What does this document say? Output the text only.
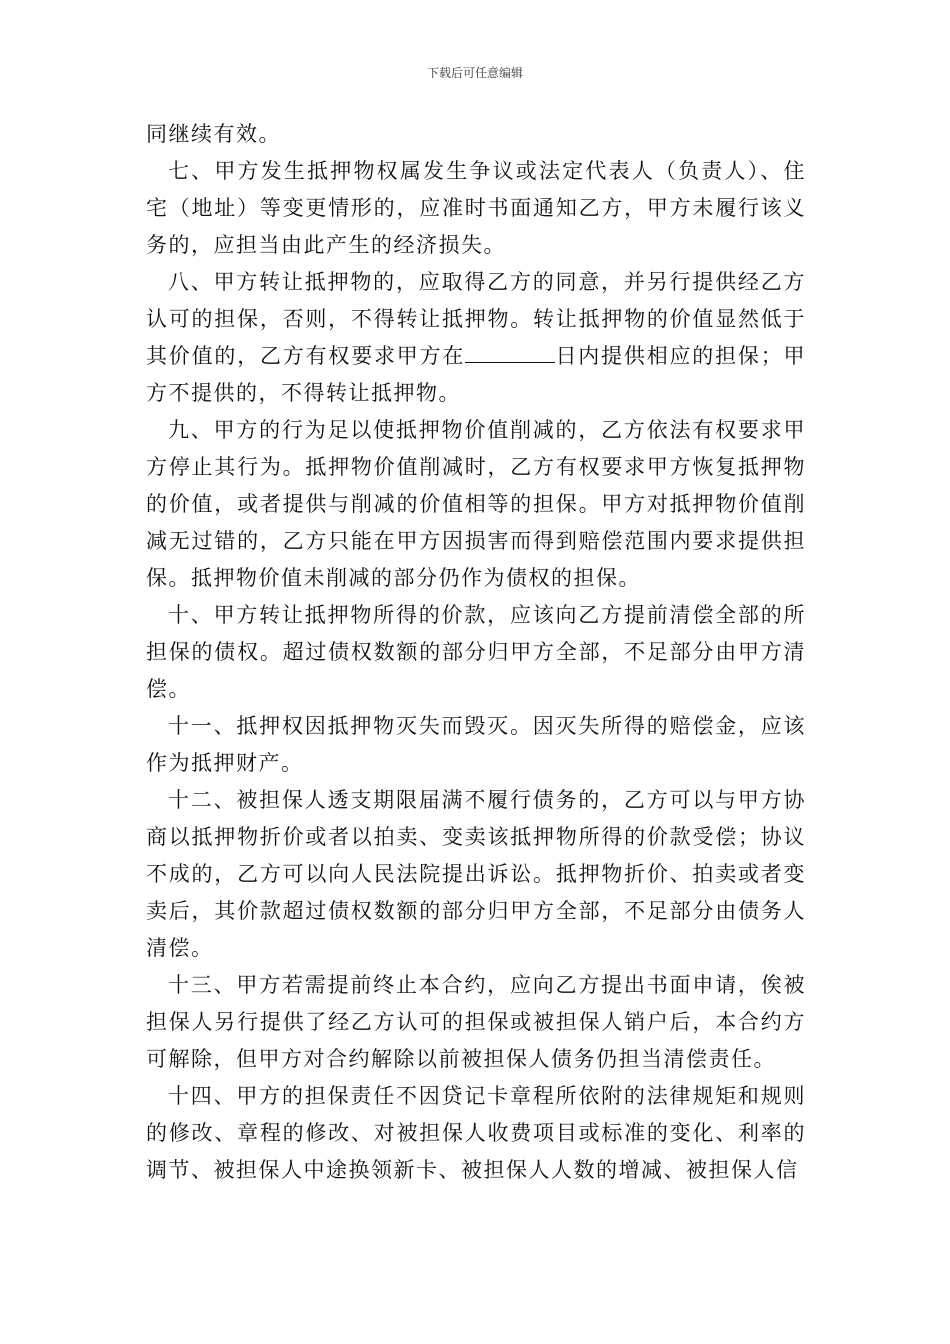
下载后可任意编辑

同继续有效。

七、甲方发生抵押物权属发生争议或法定代表人（负责人）、住宅（地址）等变更情形的，应准时书面通知乙方，甲方未履行该义务的，应担当由此产生的经济损失。

八、甲方转让抵押物的，应取得乙方的同意，并另行提供经乙方认可的担保，否则，不得转让抵押物。转让抵押物的价值显然低于其价值的，乙方有权要求甲方在	日内提供相应的担保；甲方不提供的，不得转让抵押物。

九、甲方的行为足以使抵押物价值削减的，乙方依法有权要求甲方停止其行为。抵押物价值削减时，乙方有权要求甲方恢复抵押物的价值，或者提供与削减的价值相等的担保。甲方对抵押物价值削减无过错的，乙方只能在甲方因损害而得到赔偿范围内要求提供担保。抵押物价值未削减的部分仍作为债权的担保。

十、甲方转让抵押物所得的价款，应该向乙方提前清偿全部的所担保的债权。超过债权数额的部分归甲方全部，不足部分由甲方清偿。

十一、抵押权因抵押物灭失而毁灭。因灭失所得的赔偿金，应该作为抵押财产。

十二、被担保人透支期限届满不履行债务的，乙方可以与甲方协商以抵押物折价或者以拍卖、变卖该抵押物所得的价款受偿；协议不成的，乙方可以向人民法院提出诉讼。抵押物折价、拍卖或者变卖后，其价款超过债权数额的部分归甲方全部，不足部分由债务人清偿。

十三、甲方若需提前终止本合约，应向乙方提出书面申请，俟被担保人另行提供了经乙方认可的担保或被担保人销户后，本合约方可解除，但甲方对合约解除以前被担保人债务仍担当清偿责任。

十四、甲方的担保责任不因贷记卡章程所依附的法律规矩和规则的修改、章程的修改、对被担保人收费项目或标准的变化、利率的调节、被担保人中途换领新卡、被担保人人数的增减、被担保人信
